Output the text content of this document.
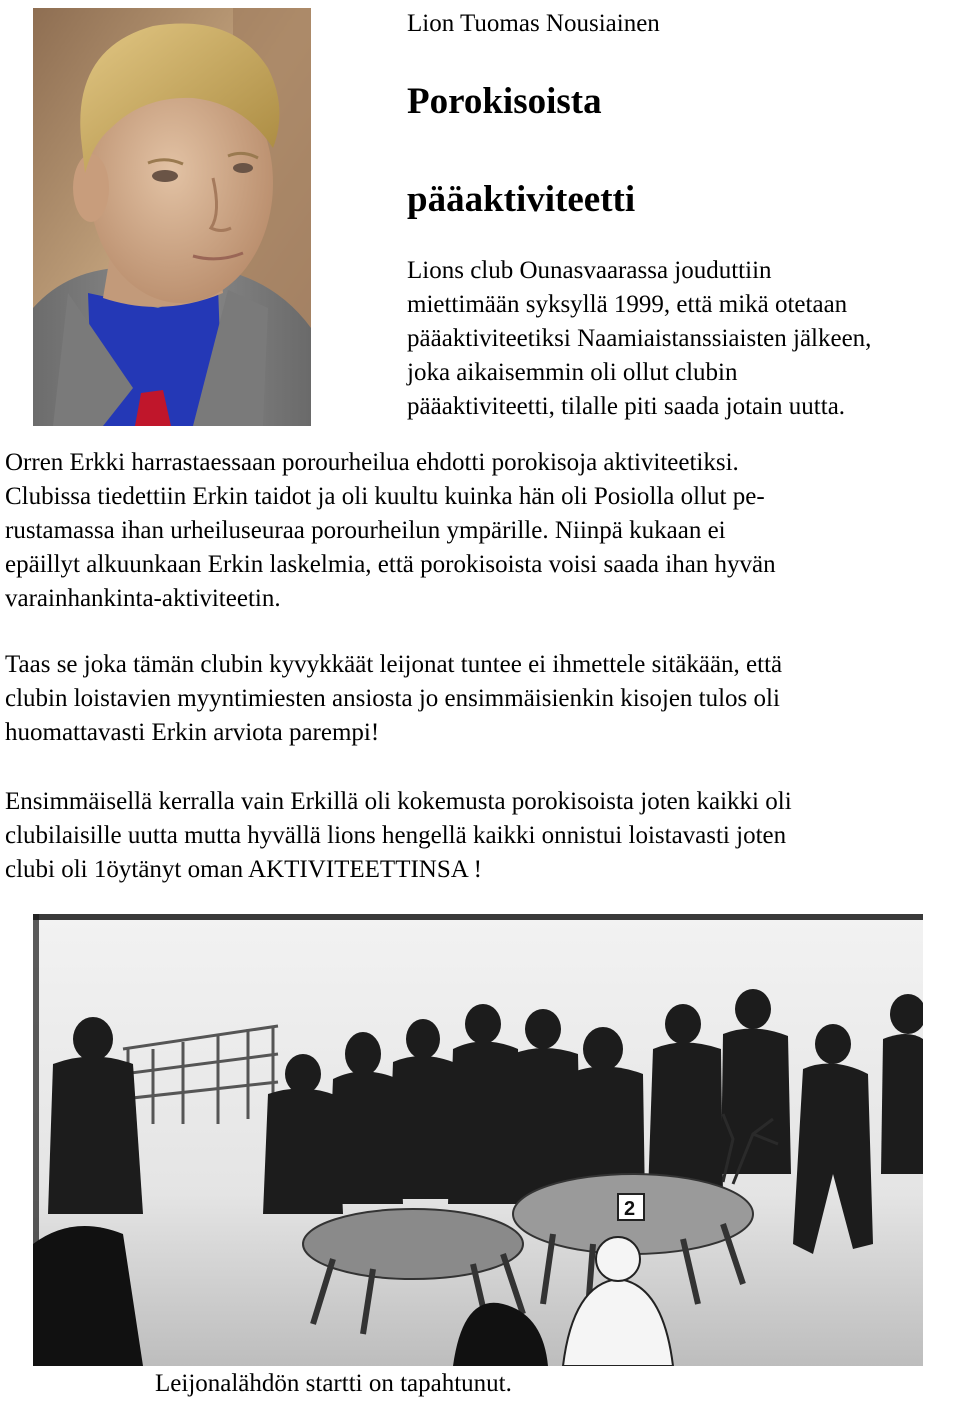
Lion Tuomas Nousiainen
Porokisoista
pääaktiviteetti
Lions club Ounasvaarassa jouduttiin
miettimään syksyllä 1999, että mikä otetaan
pääaktiviteetiksi Naamiaistanssiaisten jälkeen,
joka aikaisemmin oli ollut clubin
pääaktiviteetti, tilalle piti saada jotain uutta.
Orren Erkki harrastaessaan porourheilua ehdotti porokisoja aktiviteetiksi.
Clubissa tiedettiin Erkin taidot ja oli kuultu kuinka hän oli Posiolla ollut pe-
rustamassa ihan urheiluseuraa porourheilun ympärille. Niinpä kukaan ei
epäillyt alkuunkaan Erkin laskelmia, että porokisoista voisi saada ihan hyvän
varainhankinta-aktiviteetin.
Taas se joka tämän clubin kyvykkäät leijonat tuntee ei ihmettele sitäkään, että
clubin loistavien myyntimiesten ansiosta jo ensimmäisienkin kisojen tulos oli
huomattavasti Erkin arviota parempi!
Ensimmäisellä kerralla vain Erkillä oli kokemusta porokisoista joten kaikki oli
clubilaisille uutta mutta hyvällä lions hengellä kaikki onnistui loistavasti joten
clubi oli 1öytänyt oman AKTIVITEETTINSA !
2
Leijonalähdön startti on tapahtunut.
